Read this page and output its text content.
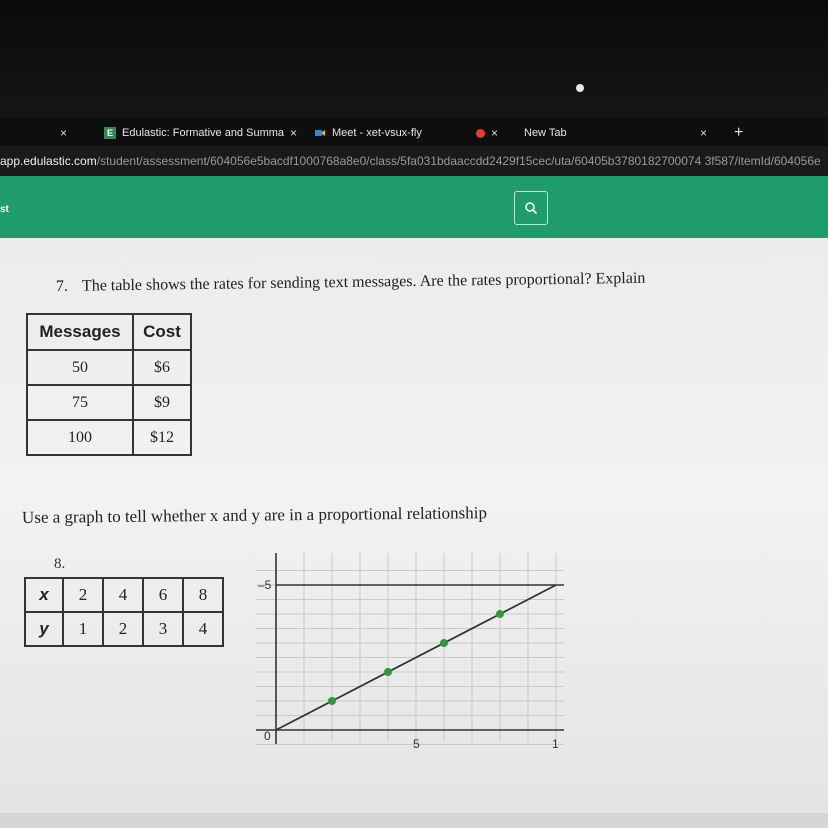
×	E Edulastic: Formative and Summa ×	Meet - xet-vsux-fly	× New Tab	× +
app.edulastic.com/student/assessment/604056e5bacdf1000768a8e0/class/5fa031bdaaccdd2429f15cec/uta/60405b3780182700074 3f587/itemId/604056e
st
7. The table shows the rates for sending text messages. Are the rates proportional? Explain
Messages	Cost
50	$6
75	$9
100	$12
Use a graph to tell whether x and y are in a proportional relationship
8.
x	2	4	6	8
y	1	2	3	4
0
5	1
–5
